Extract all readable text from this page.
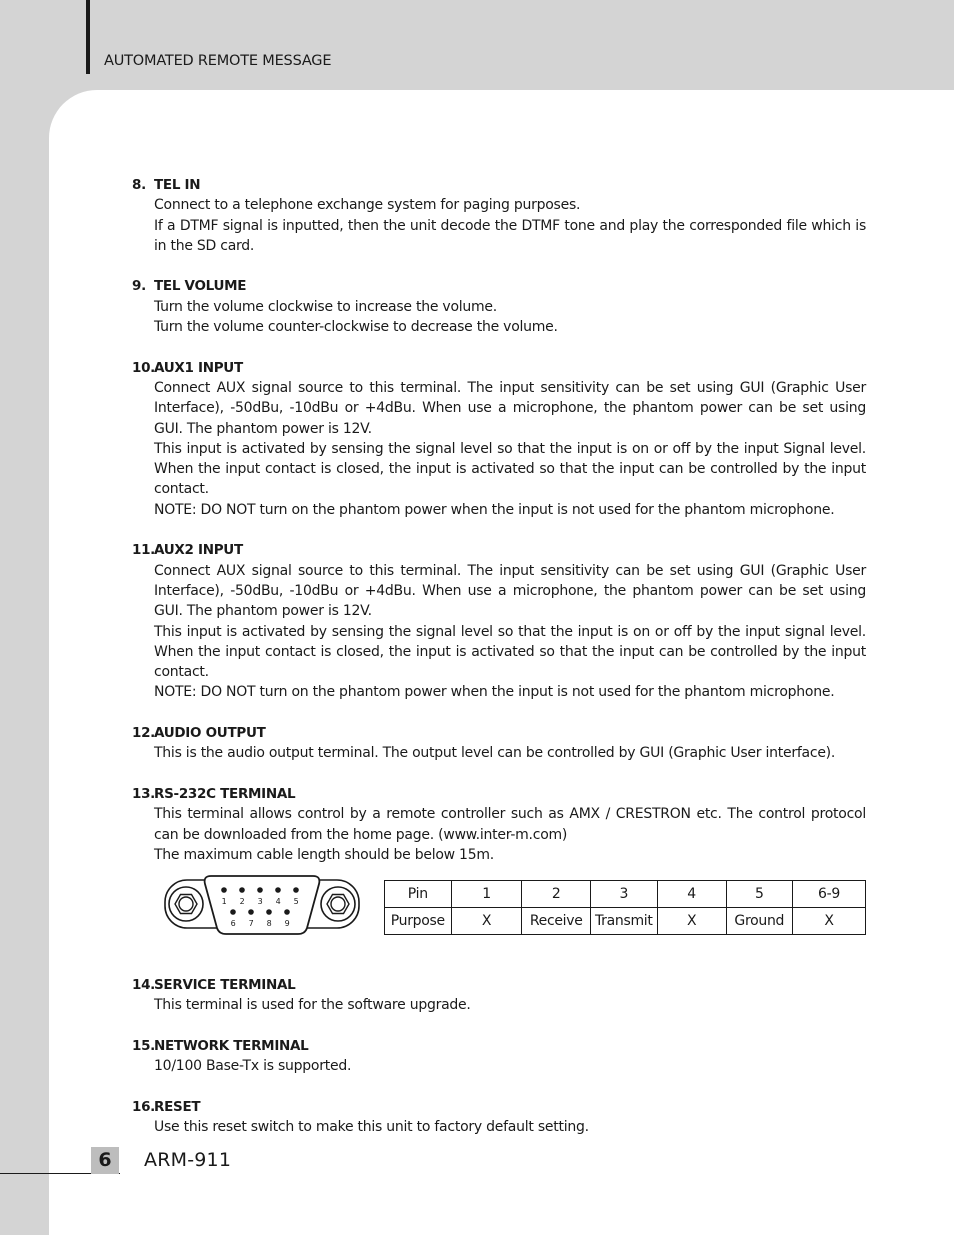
AUTOMATED REMOTE MESSAGE
8. TEL IN
Connect to a telephone exchange system for paging purposes.
If a DTMF signal is inputted, then the unit decode the DTMF tone and play the corresponded file which is in the SD card.
9. TEL VOLUME
Turn the volume clockwise to increase the volume.
Turn the volume counter-clockwise to decrease the volume.
10.AUX1 INPUT
Connect AUX signal source to this terminal. The input sensitivity can be set using GUI (Graphic User Interface), -50dBu, -10dBu or +4dBu. When use a microphone, the phantom power can be set using GUI. The phantom power is 12V.
This input is activated by sensing the signal level so that the input is on or off by the input Signal level. When the input contact is closed, the input is activated so that the input can be controlled by the input contact.
NOTE: DO NOT turn on the phantom power when the input is not used for the phantom microphone.
11.AUX2 INPUT
Connect AUX signal source to this terminal. The input sensitivity can be set using GUI (Graphic User Interface), -50dBu, -10dBu or +4dBu. When use a microphone, the phantom power can be set using GUI. The phantom power is 12V.
This input is activated by sensing the signal level so that the input is on or off by the input signal level. When the input contact is closed, the input is activated so that the input can be controlled by the input contact.
NOTE: DO NOT turn on the phantom power when the input is not used for the phantom microphone.
12.AUDIO OUTPUT
This is the audio output terminal. The output level can be controlled by GUI (Graphic User interface).
13.RS-232C TERMINAL
This terminal allows control by a remote controller such as AMX / CRESTRON etc. The control protocol can be downloaded from the home page. (www.inter-m.com)
The maximum cable length should be below 15m.
1 2 3 4 5
6 7 8 9
Pin	1	2	3	4	5	6-9
Purpose	X	Receive	Transmit	X	Ground	X
14.SERVICE TERMINAL
This terminal is used for the software upgrade.
15.NETWORK TERMINAL
10/100 Base-Tx is supported.
16.RESET
Use this reset switch to make this unit to factory default setting.
6	ARM-911
